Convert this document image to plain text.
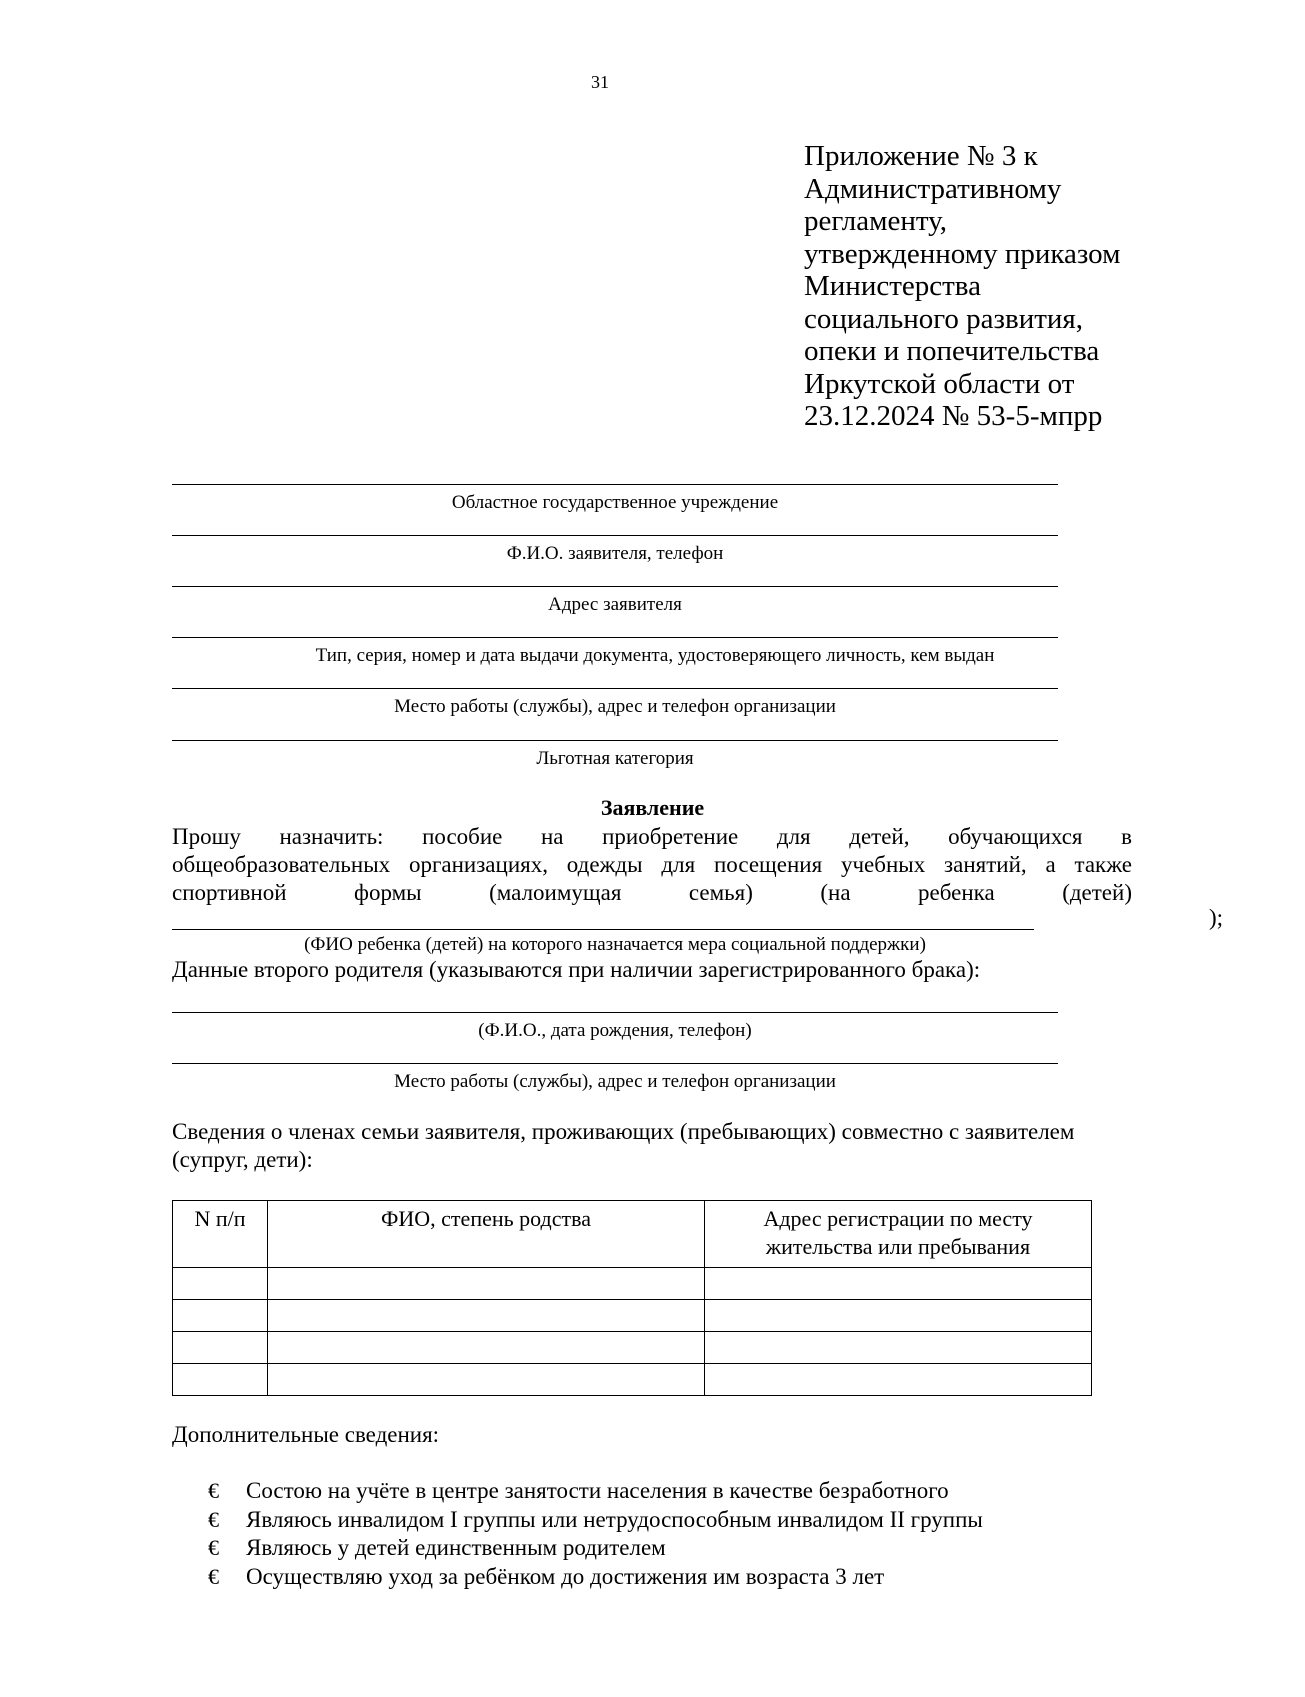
31
Приложение № 3 к
Административному
регламенту,
утвержденному приказом
Министерства
социального развития,
опеки и попечительства
Иркутской области от
23.12.2024 № 53-5-мпрр
Областное государственное учреждение
Ф.И.О. заявителя, телефон
Адрес заявителя
Тип, серия, номер и дата выдачи документа, удостоверяющего личность, кем выдан
Место работы (службы), адрес и телефон организации
Льготная категория
Заявление
Прошу назначить: пособие на приобретение для детей, обучающихся в
общеобразовательных организациях, одежды для посещения учебных занятий, а также
спортивной формы (малоимущая семья) (на ребенка (детей)
);
(ФИО ребенка (детей) на которого назначается мера социальной поддержки)
Данные второго родителя (указываются при наличии зарегистрированного брака):
(Ф.И.О., дата рождения, телефон)
Место работы (службы), адрес и телефон организации
Сведения о членах семьи заявителя, проживающих (пребывающих) совместно с заявителем (супруг, дети):
N п/п	ФИО, степень родства	Адрес регистрации по месту жительства или пребывания

Дополнительные сведения:
€	Состою на учёте в центре занятости населения в качестве безработного
€	Являюсь инвалидом I группы или нетрудоспособным инвалидом II группы
€	Являюсь у детей единственным родителем
€	Осуществляю уход за ребёнком до достижения им возраста 3 лет
